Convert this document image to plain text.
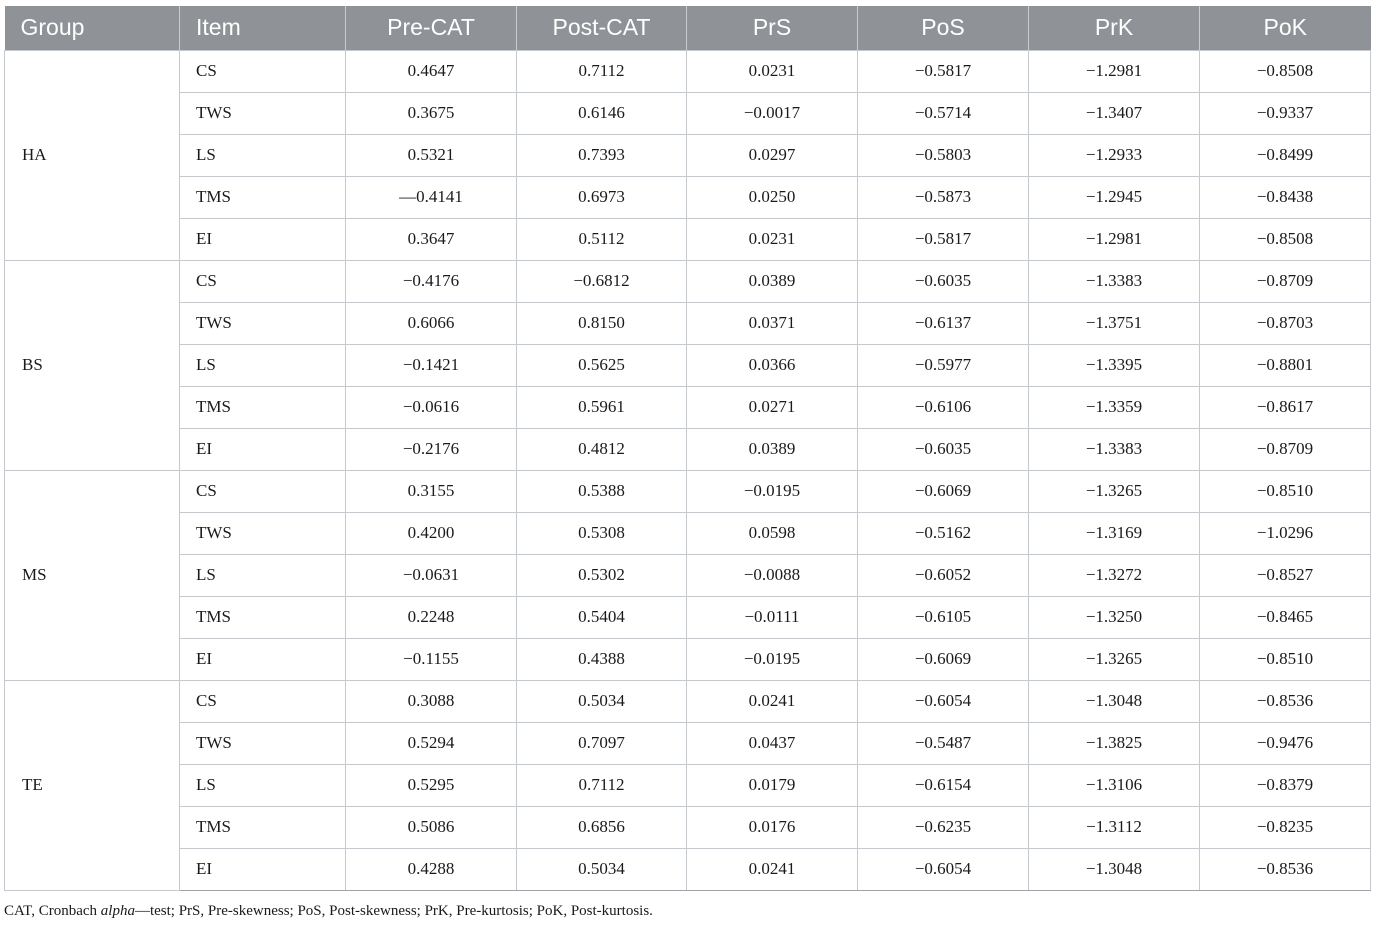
Group	Item	Pre-CAT	Post-CAT	PrS	PoS	PrK	PoK
HA	CS	0.4647	0.7112	0.0231	−0.5817	−1.2981	−0.8508
	TWS	0.3675	0.6146	−0.0017	−0.5714	−1.3407	−0.9337
	LS	0.5321	0.7393	0.0297	−0.5803	−1.2933	−0.8499
	TMS	—0.4141	0.6973	0.0250	−0.5873	−1.2945	−0.8438
	EI	0.3647	0.5112	0.0231	−0.5817	−1.2981	−0.8508
BS	CS	−0.4176	−0.6812	0.0389	−0.6035	−1.3383	−0.8709
	TWS	0.6066	0.8150	0.0371	−0.6137	−1.3751	−0.8703
	LS	−0.1421	0.5625	0.0366	−0.5977	−1.3395	−0.8801
	TMS	−0.0616	0.5961	0.0271	−0.6106	−1.3359	−0.8617
	EI	−0.2176	0.4812	0.0389	−0.6035	−1.3383	−0.8709
MS	CS	0.3155	0.5388	−0.0195	−0.6069	−1.3265	−0.8510
	TWS	0.4200	0.5308	0.0598	−0.5162	−1.3169	−1.0296
	LS	−0.0631	0.5302	−0.0088	−0.6052	−1.3272	−0.8527
	TMS	0.2248	0.5404	−0.0111	−0.6105	−1.3250	−0.8465
	EI	−0.1155	0.4388	−0.0195	−0.6069	−1.3265	−0.8510
TE	CS	0.3088	0.5034	0.0241	−0.6054	−1.3048	−0.8536
	TWS	0.5294	0.7097	0.0437	−0.5487	−1.3825	−0.9476
	LS	0.5295	0.7112	0.0179	−0.6154	−1.3106	−0.8379
	TMS	0.5086	0.6856	0.0176	−0.6235	−1.3112	−0.8235
	EI	0.4288	0.5034	0.0241	−0.6054	−1.3048	−0.8536
CAT, Cronbach alpha—test; PrS, Pre-skewness; PoS, Post-skewness; PrK, Pre-kurtosis; PoK, Post-kurtosis.
